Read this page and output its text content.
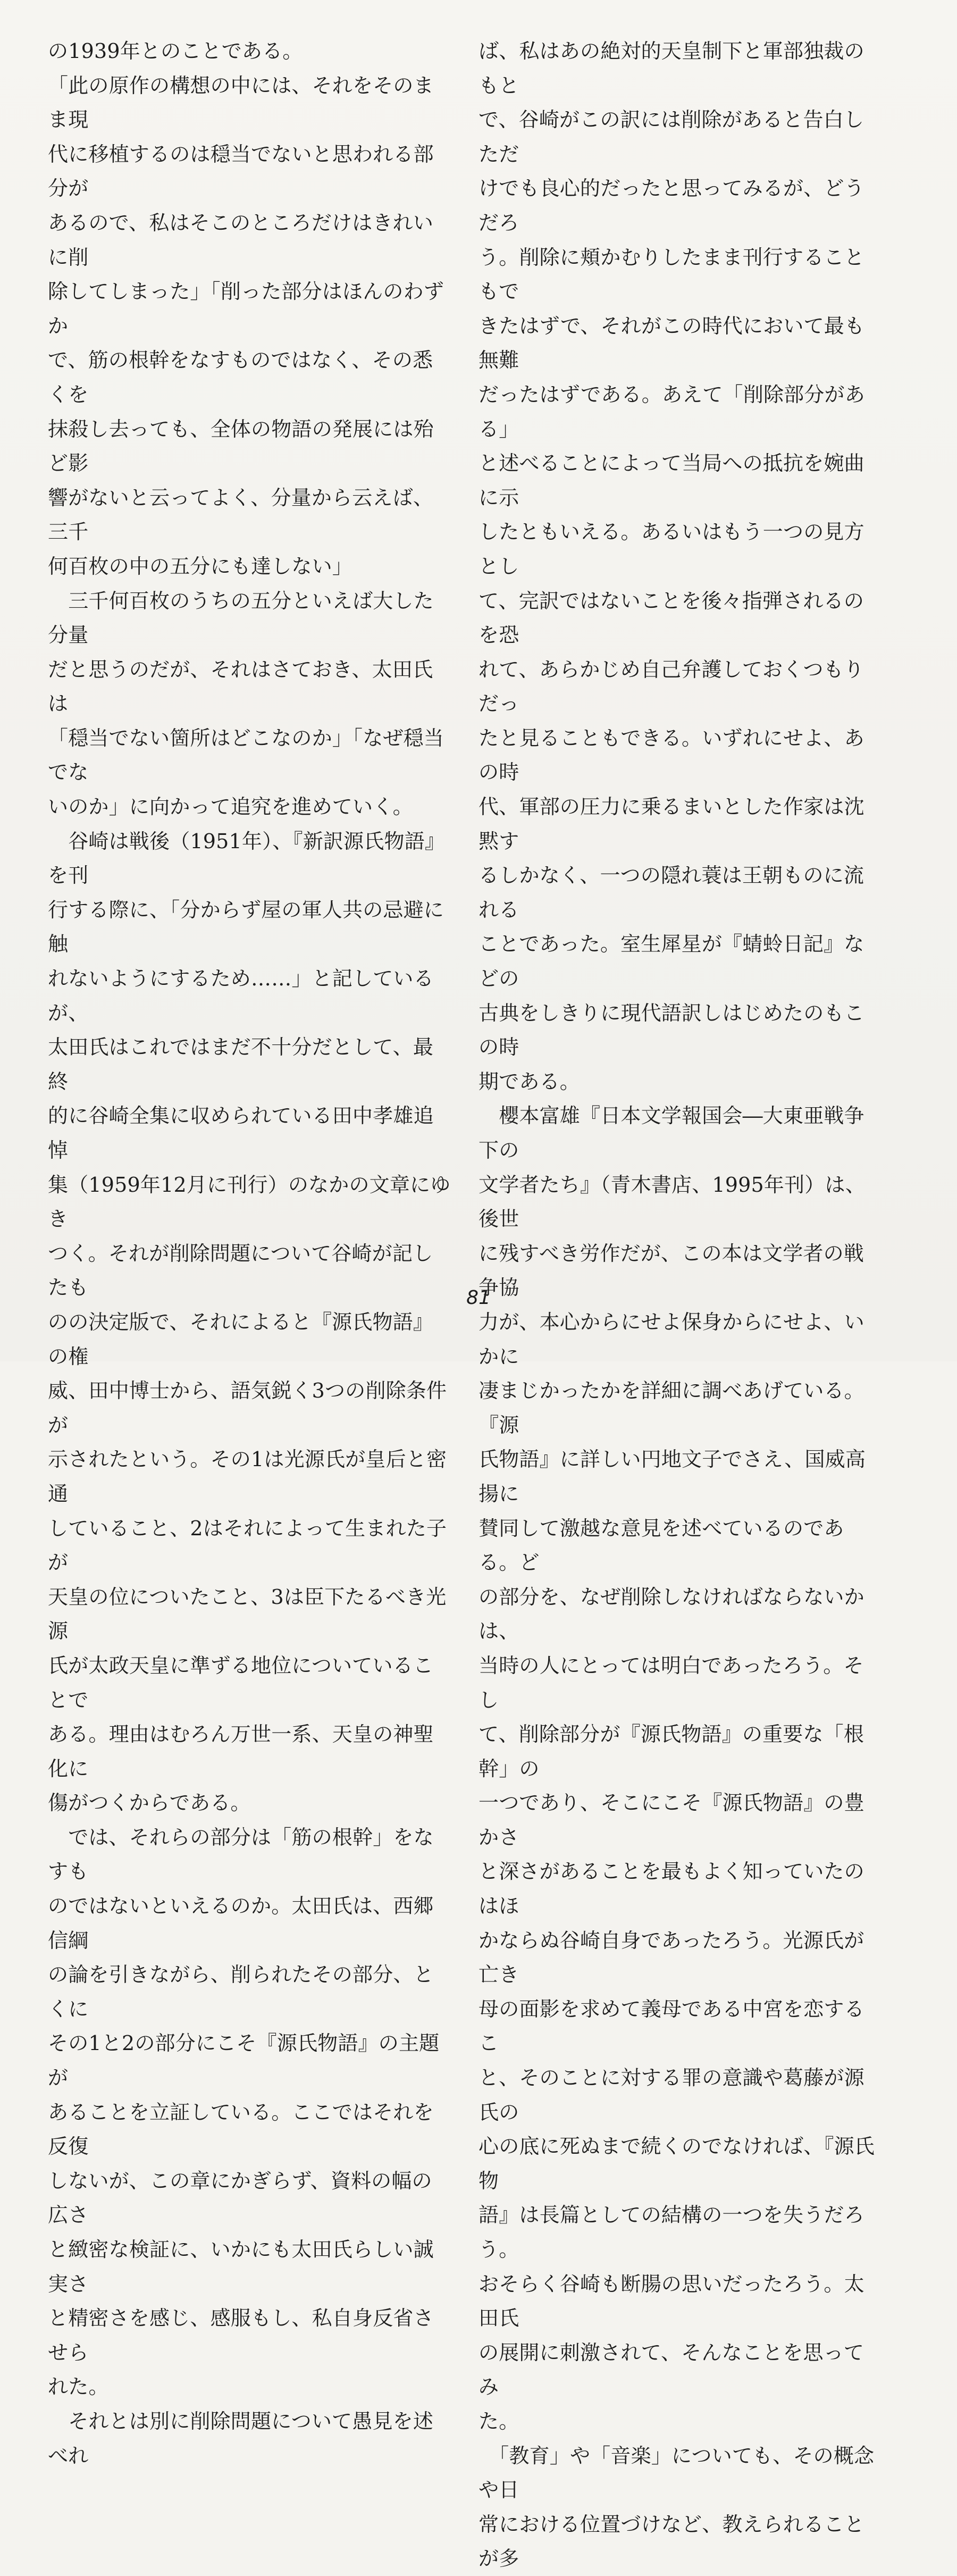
の1939年とのことである。
「此の原作の構想の中には、それをそのまま現
代に移植するのは穏当でないと思われる部分が
あるので、私はそこのところだけはきれいに削
除してしまった」「削った部分はほんのわずか
で、筋の根幹をなすものではなく、その悉くを
抹殺し去っても、全体の物語の発展には殆ど影
響がないと云ってよく、分量から云えば、三千
何百枚の中の五分にも達しない」

　三千何百枚のうちの五分といえば大した分量
だと思うのだが、それはさておき、太田氏は
「穏当でない箇所はどこなのか」「なぜ穏当でな
いのか」に向かって追究を進めていく。

　谷崎は戦後（1951年）、『新訳源氏物語』を刊
行する際に、「分からず屋の軍人共の忌避に触
れないようにするため……」と記しているが、
太田氏はこれではまだ不十分だとして、最終
的に谷崎全集に収められている田中孝雄追悼
集（1959年12月に刊行）のなかの文章にゆき
つく。それが削除問題について谷崎が記したも
のの決定版で、それによると『源氏物語』の権
威、田中博士から、語気鋭く3つの削除条件が
示されたという。その1は光源氏が皇后と密通
していること、2はそれによって生まれた子が
天皇の位についたこと、3は臣下たるべき光源
氏が太政天皇に準ずる地位についていることで
ある。理由はむろん万世一系、天皇の神聖化に
傷がつくからである。

　では、それらの部分は「筋の根幹」をなすも
のではないといえるのか。太田氏は、西郷信綱
の論を引きながら、削られたその部分、とくに
その1と2の部分にこそ『源氏物語』の主題が
あることを立証している。ここではそれを反復
しないが、この章にかぎらず、資料の幅の広さ
と緻密な検証に、いかにも太田氏らしい誠実さ
と精密さを感じ、感服もし、私自身反省させら
れた。

　それとは別に削除問題について愚見を述べれ

ば、私はあの絶対的天皇制下と軍部独裁のもと
で、谷崎がこの訳には削除があると告白しただ
けでも良心的だったと思ってみるが、どうだろ
う。削除に頬かむりしたまま刊行することもで
きたはずで、それがこの時代において最も無難
だったはずである。あえて「削除部分がある」
と述べることによって当局への抵抗を婉曲に示
したともいえる。あるいはもう一つの見方とし
て、完訳ではないことを後々指弾されるのを恐
れて、あらかじめ自己弁護しておくつもりだっ
たと見ることもできる。いずれにせよ、あの時
代、軍部の圧力に乗るまいとした作家は沈黙す
るしかなく、一つの隠れ蓑は王朝ものに流れる
ことであった。室生犀星が『蜻蛉日記』などの
古典をしきりに現代語訳しはじめたのもこの時
期である。

　櫻本富雄『日本文学報国会―大東亜戦争下の
文学者たち』（青木書店、1995年刊）は、後世
に残すべき労作だが、この本は文学者の戦争協
力が、本心からにせよ保身からにせよ、いかに
凄まじかったかを詳細に調べあげている。『源
氏物語』に詳しい円地文子でさえ、国威高揚に
賛同して激越な意見を述べているのである。ど
の部分を、なぜ削除しなければならないかは、
当時の人にとっては明白であったろう。そし
て、削除部分が『源氏物語』の重要な「根幹」の
一つであり、そこにこそ『源氏物語』の豊かさ
と深さがあることを最もよく知っていたのはほ
かならぬ谷崎自身であったろう。光源氏が亡き
母の面影を求めて義母である中宮を恋するこ
と、そのことに対する罪の意識や葛藤が源氏の
心の底に死ぬまで続くのでなければ、『源氏物
語』は長篇としての結構の一つを失うだろう。
おそらく谷崎も断腸の思いだったろう。太田氏
の展開に刺激されて、そんなことを思ってみ
た。

　「教育」や「音楽」についても、その概念や日
常における位置づけなど、教えられることが多

81
